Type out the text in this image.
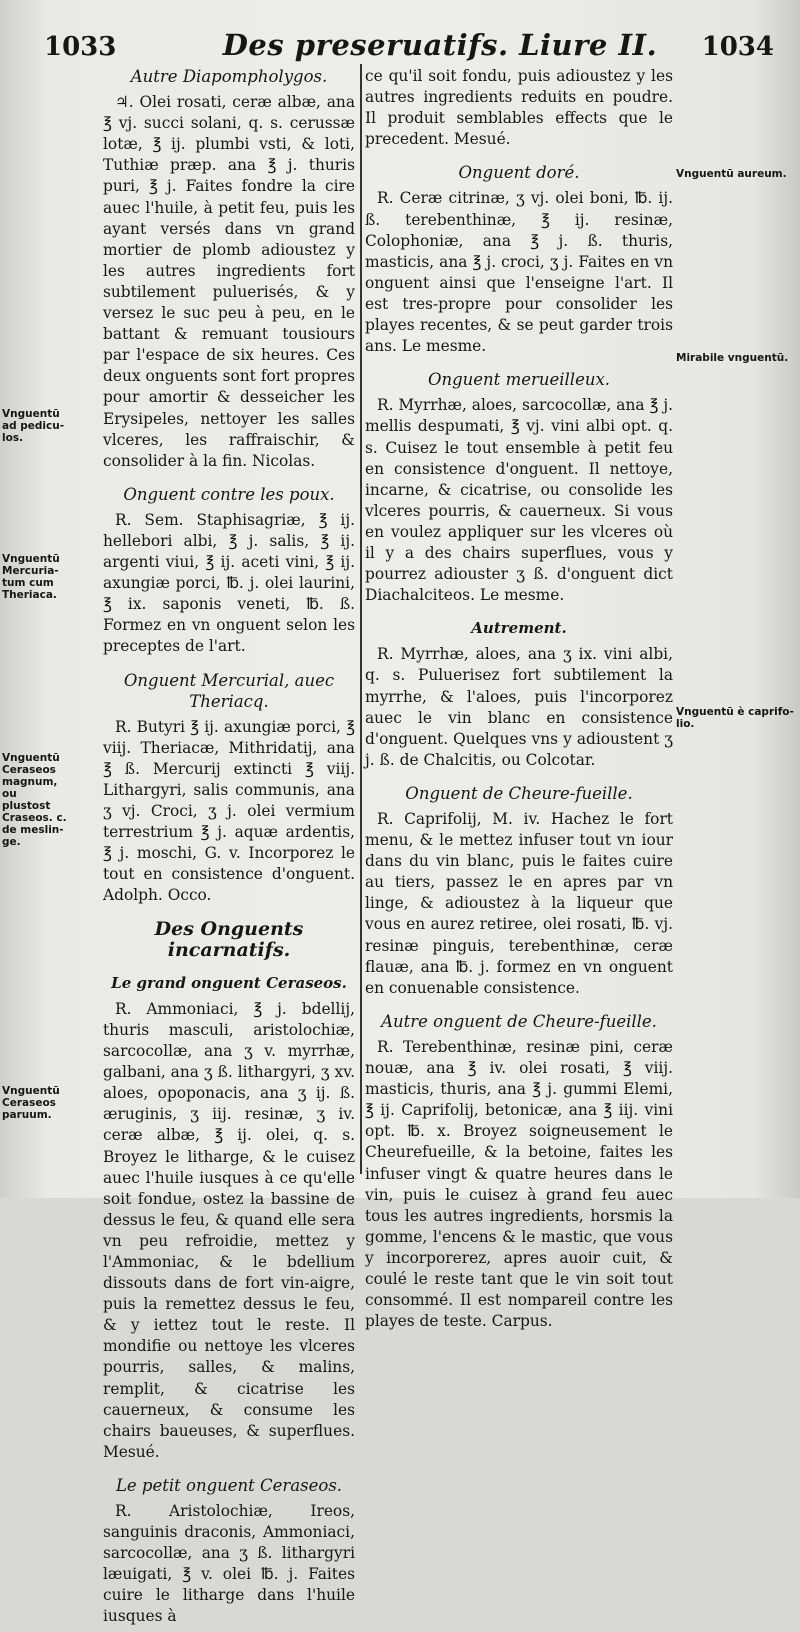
1033	Des preseruatifs. Liure II.	1034
Autre Diapompholygos.

♃. Olei rosati, ceræ albæ, ana ℥ vj. succi solani, q. s. cerussæ lotæ, ℥ ij. plumbi vsti, & loti, Tuthiæ præp. ana ℥ j. thuris puri, ℥ j. Faites fondre la cire auec l'huile, à petit feu, puis les ayant versés dans vn grand mortier de plomb adioustez y les autres ingredients fort subtilement puluerisés, & y versez le suc peu à peu, en le battant & remuant tousiours par l'espace de six heures. Ces deux onguents sont fort propres pour amortir & desseicher les Erysipeles, nettoyer les salles vlceres, les raffraischir, & consolider à la fin. Nicolas.

Onguent contre les poux.

R. Sem. Staphisagriæ, ℥ ij. hellebori albi, ℥ j. salis, ℥ ij. argenti viui, ℥ ij. aceti vini, ℥ ij. axungiæ porci, ℔. j. olei laurini, ℥ ix. saponis veneti, ℔. ß. Formez en vn onguent selon les preceptes de l'art.

Onguent Mercurial, auec Theriacq.

R. Butyri ℥ ij. axungiæ porci, ℥ viij. Theriacæ, Mithridatij, ana ℥ ß. Mercurij extincti ℥ viij. Lithargyri, salis communis, ana ʒ vj. Croci, ʒ j. olei vermium terrestrium ℥ j. aquæ ardentis, ℥ j. moschi, G. v. Incorporez le tout en consistence d'onguent. Adolph. Occo.

Des Onguents incarnatifs.
Le grand onguent Ceraseos.

R. Ammoniaci, ℥ j. bdellij, thuris masculi, aristolochiæ, sarcocollæ, ana ʒ v. myrrhæ, galbani, ana ʒ ß. lithargyri, ʒ xv. aloes, opoponacis, ana ʒ ij. ß. æruginis, ʒ iij. resinæ, ʒ iv. ceræ albæ, ℥ ij. olei, q. s. Broyez le litharge, & le cuisez auec l'huile iusques à ce qu'elle soit fondue, ostez la bassine de dessus le feu, & quand elle sera vn peu refroidie, mettez y l'Ammoniac, & le bdellium dissouts dans de fort vin-aigre, puis la remettez dessus le feu, & y iettez tout le reste. Il mondifie ou nettoye les vlceres pourris, salles, & malins, remplit, & cicatrise les cauerneux, & consume les chairs baueuses, & superflues. Mesué.

Le petit onguent Ceraseos.

R. Aristolochiæ, Ireos, sanguinis draconis, Ammoniaci, sarcocollæ, ana ʒ ß. lithargyri læuigati, ℥ v. olei ℔. j. Faites cuire le litharge dans l'huile iusques à

ce qu'il soit fondu, puis adioustez y les autres ingredients reduits en poudre. Il produit semblables effects que le precedent. Mesué.

Onguent doré.

R. Ceræ citrinæ, ʒ vj. olei boni, ℔. ij. ß. terebenthinæ, ℥ ij. resinæ, Colophoniæ, ana ℥ j. ß. thuris, masticis, ana ℥ j. croci, ʒ j. Faites en vn onguent ainsi que l'enseigne l'art. Il est tres-propre pour consolider les playes recentes, & se peut garder trois ans. Le mesme.

Onguent merueilleux.

R. Myrrhæ, aloes, sarcocollæ, ana ℥ j. mellis despumati, ℥ vj. vini albi opt. q. s. Cuisez le tout ensemble à petit feu en consistence d'onguent. Il nettoye, incarne, & cicatrise, ou consolide les vlceres pourris, & cauerneux. Si vous en voulez appliquer sur les vlceres où il y a des chairs superflues, vous y pourrez adiouster ʒ ß. d'onguent dict Diachalciteos. Le mesme.

Autrement.

R. Myrrhæ, aloes, ana ʒ ix. vini albi, q. s. Puluerisez fort subtilement la myrrhe, & l'aloes, puis l'incorporez auec le vin blanc en consistence d'onguent. Quelques vns y adioustent ʒ j. ß. de Chalcitis, ou Colcotar.

Onguent de Cheure-fueille.

R. Caprifolij, M. iv. Hachez le fort menu, & le mettez infuser tout vn iour dans du vin blanc, puis le faites cuire au tiers, passez le en apres par vn linge, & adioustez à la liqueur que vous en aurez retiree, olei rosati, ℔. vj. resinæ pinguis, terebenthinæ, ceræ flauæ, ana ℔. j. formez en vn onguent en conuenable consistence.

Autre onguent de Cheure-fueille.

R. Terebenthinæ, resinæ pini, ceræ nouæ, ana ℥ iv. olei rosati, ℥ viij. masticis, thuris, ana ℥ j. gummi Elemi, ℥ ij. Caprifolij, betonicæ, ana ℥ iij. vini opt. ℔. x. Broyez soigneusement le Cheurefueille, & la betoine, faites les infuser vingt & quatre heures dans le vin, puis le cuisez à grand feu auec tous les autres ingredients, horsmis la gomme, l'encens & le mastic, que vous y incorporerez, apres auoir cuit, & coulé le reste tant que le vin soit tout consommé. Il est nompareil contre les playes de teste. Carpus.

Vnguentū ad pedicu-los.
Vnguentū Mercuria-tum cum Theriaca.
Vnguentū Ceraseos magnum, ou plustost Craseos. c. de meslin-ge.
Vnguentū Ceraseos paruum.
Vnguentū aureum.
Mirabile vnguentū.
Vnguentū è caprifo-lio.
